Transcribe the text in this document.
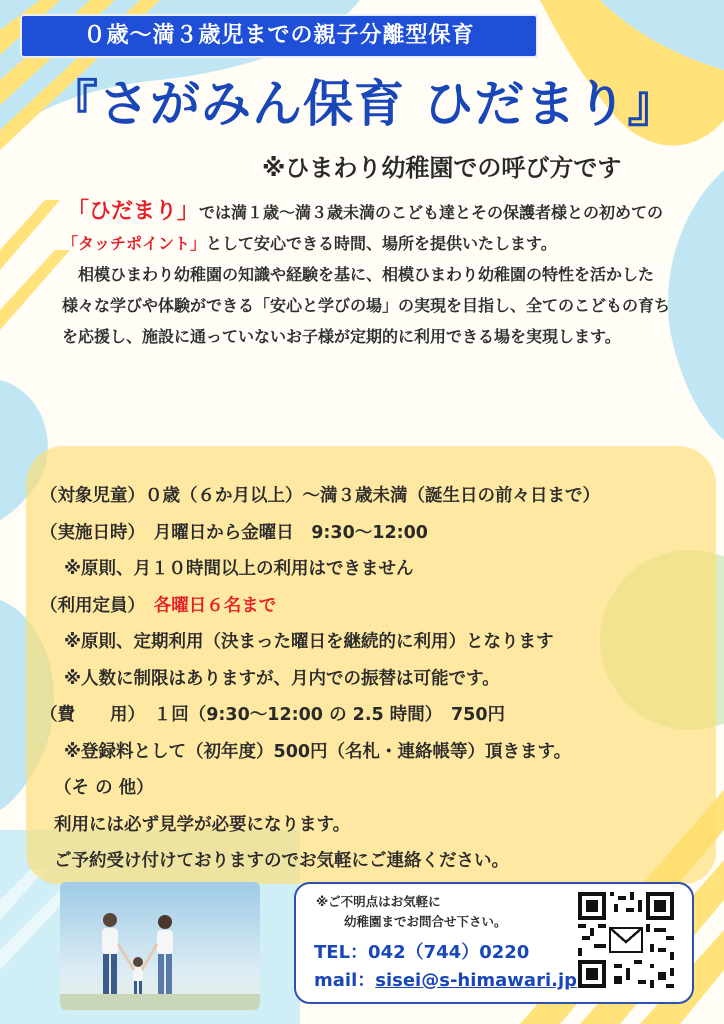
０歳～満３歳児までの親子分離型保育
『さがみん保育 ひだまり』
※ひまわり幼稚園での呼び方です

　「ひだまり」では満１歳～満３歳未満のこども達とその保護者様との初めての「タッチポイント」として安心できる時間、場所を提供いたします。

　相模ひまわり幼稚園の知識や経験を基に、相模ひまわり幼稚園の特性を活かした様々な学びや体験ができる「安心と学びの場」の実現を目指し、全てのこどもの育ちを応援し、施設に通っていないお子様が定期的に利用できる場を実現します。

（対象児童）０歳（６か月以上）～満３歳未満（誕生日の前々日まで）
（実施日時）　 月曜日から金曜日　9:30～12:00
※原則、月１０時間以上の利用はできません
（利用定員）　 各曜日６名まで
※原則、定期利用（決まった曜日を継続的に利用）となります
※人数に制限はありますが、月内での振替は可能です。
（費　　用）　 １回（9:30～12:00 の 2.5 時間）　750円
※登録料として（初年度）500円（名札・連絡帳等）頂きます。
（そ の 他）
利用には必ず見学が必要になります。
ご予約受け付けておりますのでお気軽にご連絡ください。
※ご不明点はお気軽に
幼稚園までお問合せ下さい。
TEL：042（744）0220
mail：sisei@s-himawari.jp
